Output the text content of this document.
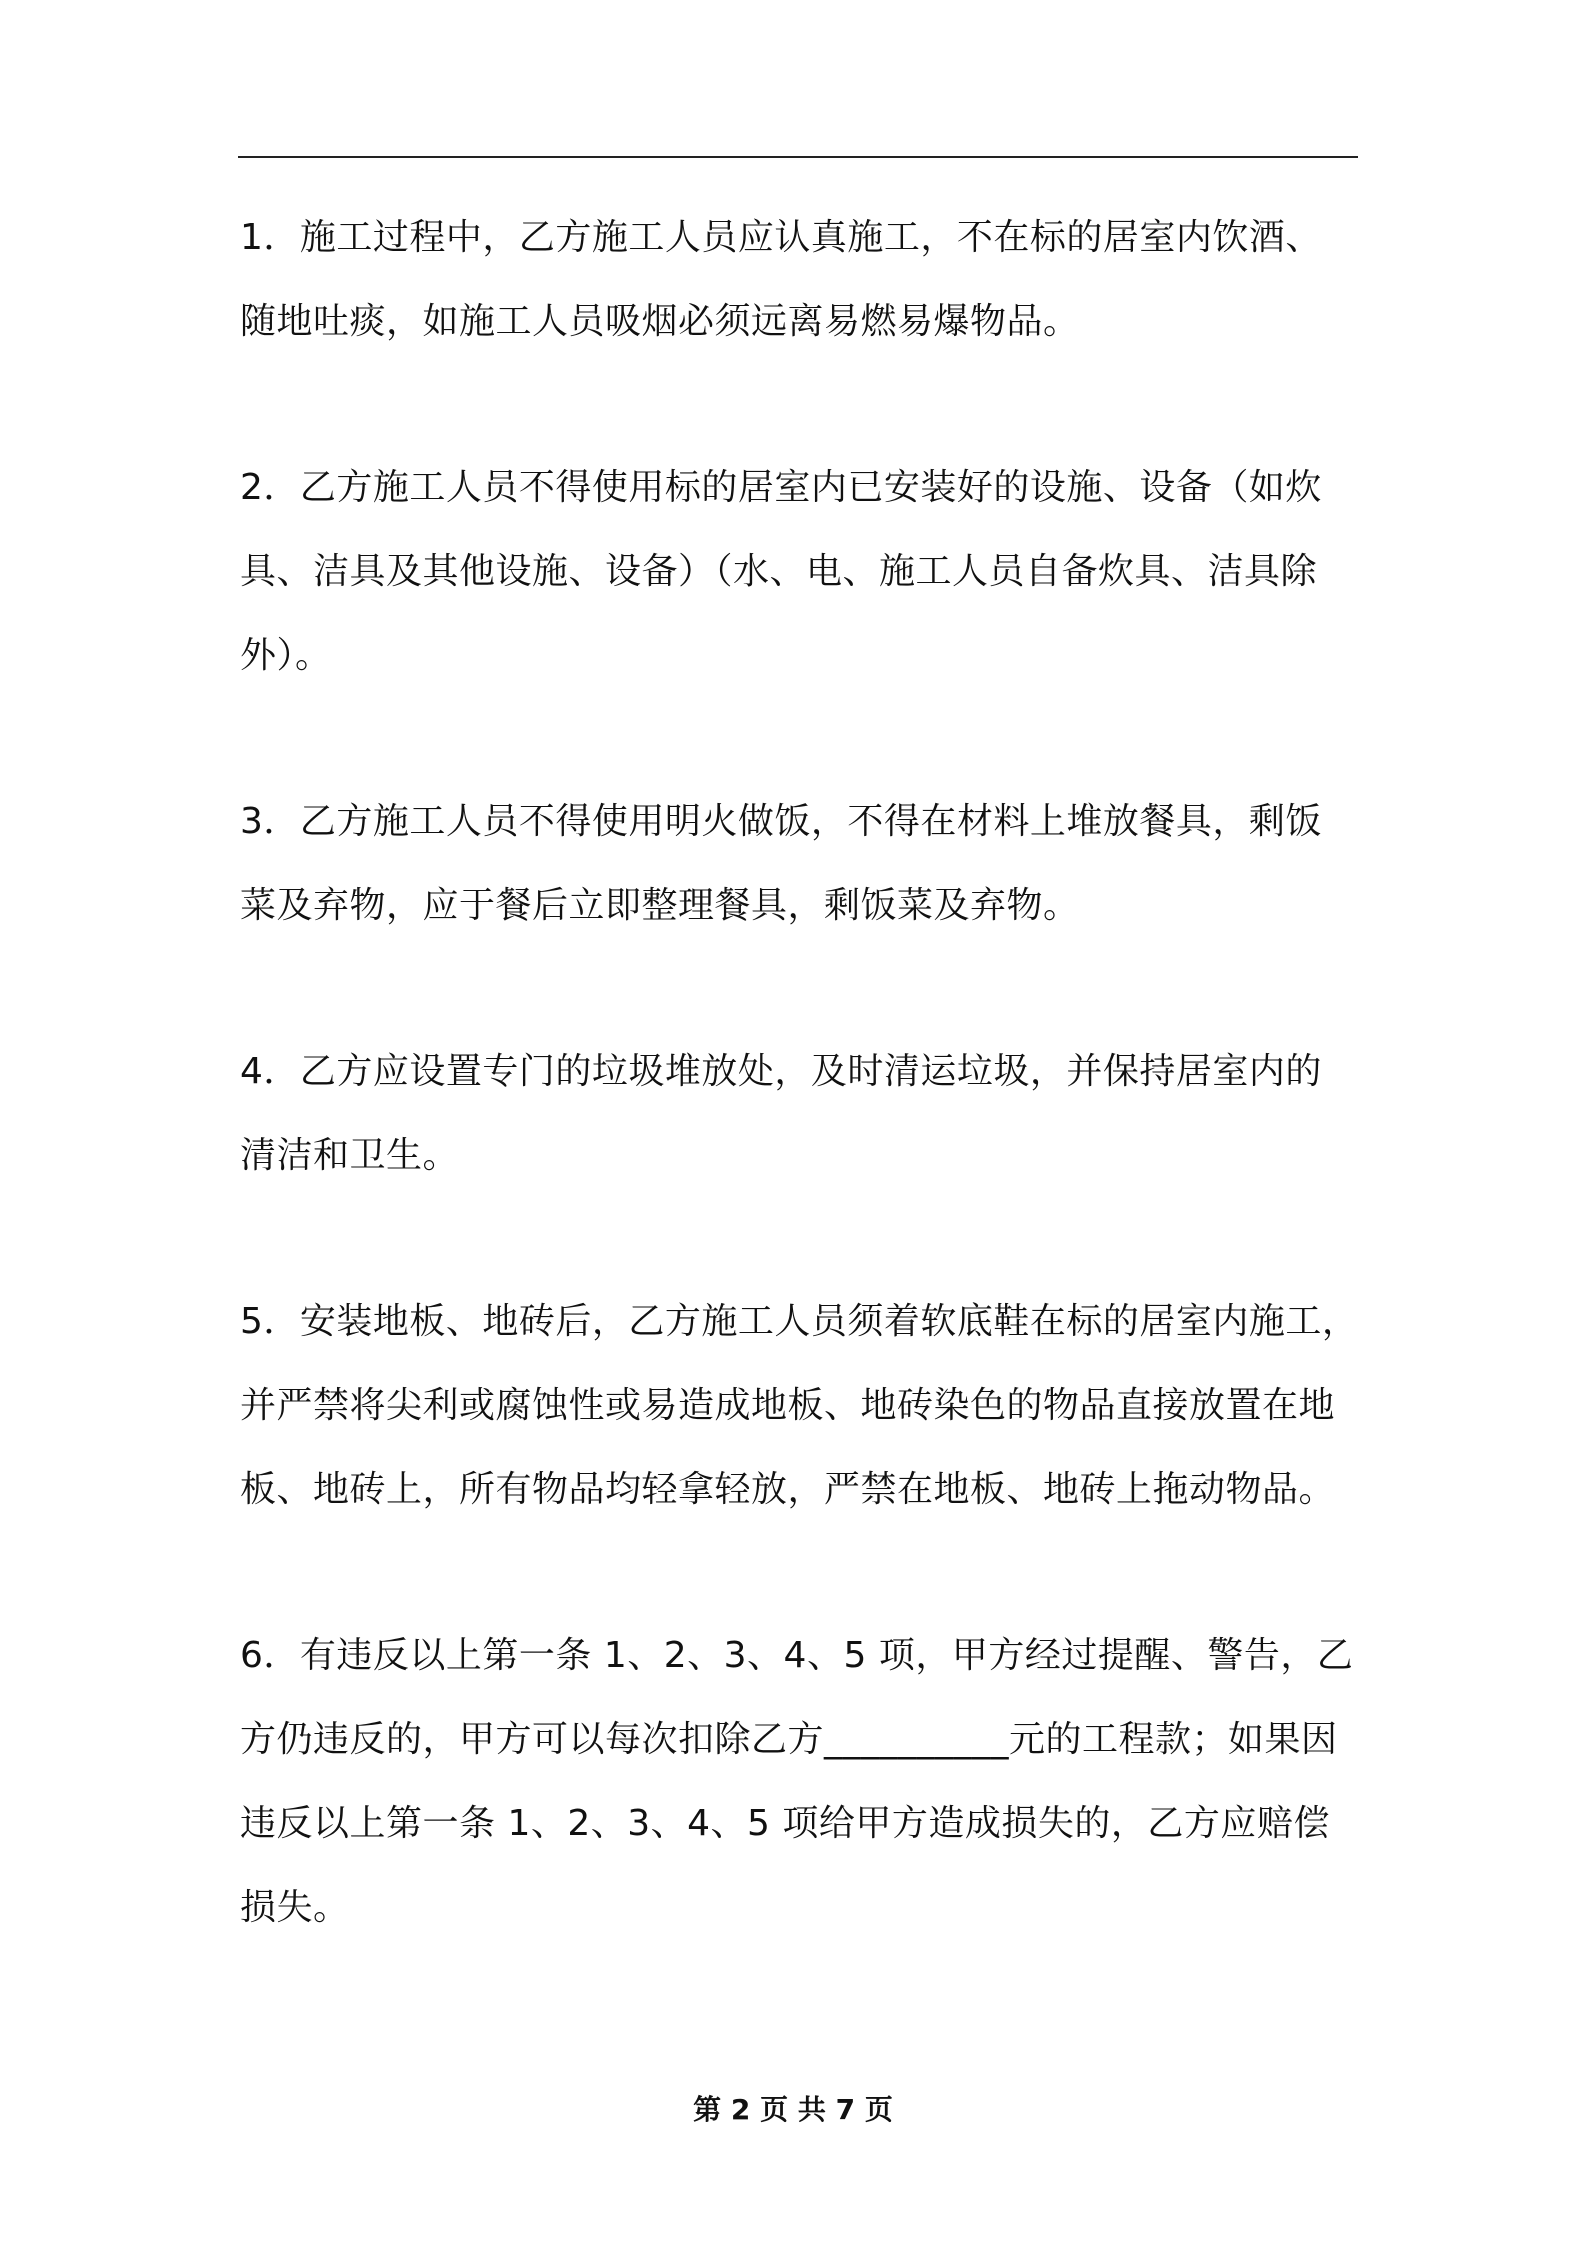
1．施工过程中，乙方施工人员应认真施工，不在标的居室内饮酒、
随地吐痰，如施工人员吸烟必须远离易燃易爆物品。
2．乙方施工人员不得使用标的居室内已安装好的设施、设备（如炊
具、洁具及其他设施、设备）（水、电、施工人员自备炊具、洁具除
外）。
3．乙方施工人员不得使用明火做饭，不得在材料上堆放餐具，剩饭
菜及弃物，应于餐后立即整理餐具，剩饭菜及弃物。
4．乙方应设置专门的垃圾堆放处，及时清运垃圾，并保持居室内的
清洁和卫生。
5．安装地板、地砖后，乙方施工人员须着软底鞋在标的居室内施工，
并严禁将尖利或腐蚀性或易造成地板、地砖染色的物品直接放置在地
板、地砖上，所有物品均轻拿轻放，严禁在地板、地砖上拖动物品。
6．有违反以上第一条 1、2、3、4、5 项，甲方经过提醒、警告，乙
方仍违反的，甲方可以每次扣除乙方__________元的工程款；如果因
违反以上第一条 1、2、3、4、5 项给甲方造成损失的，乙方应赔偿
损失。
第 2 页 共 7 页
